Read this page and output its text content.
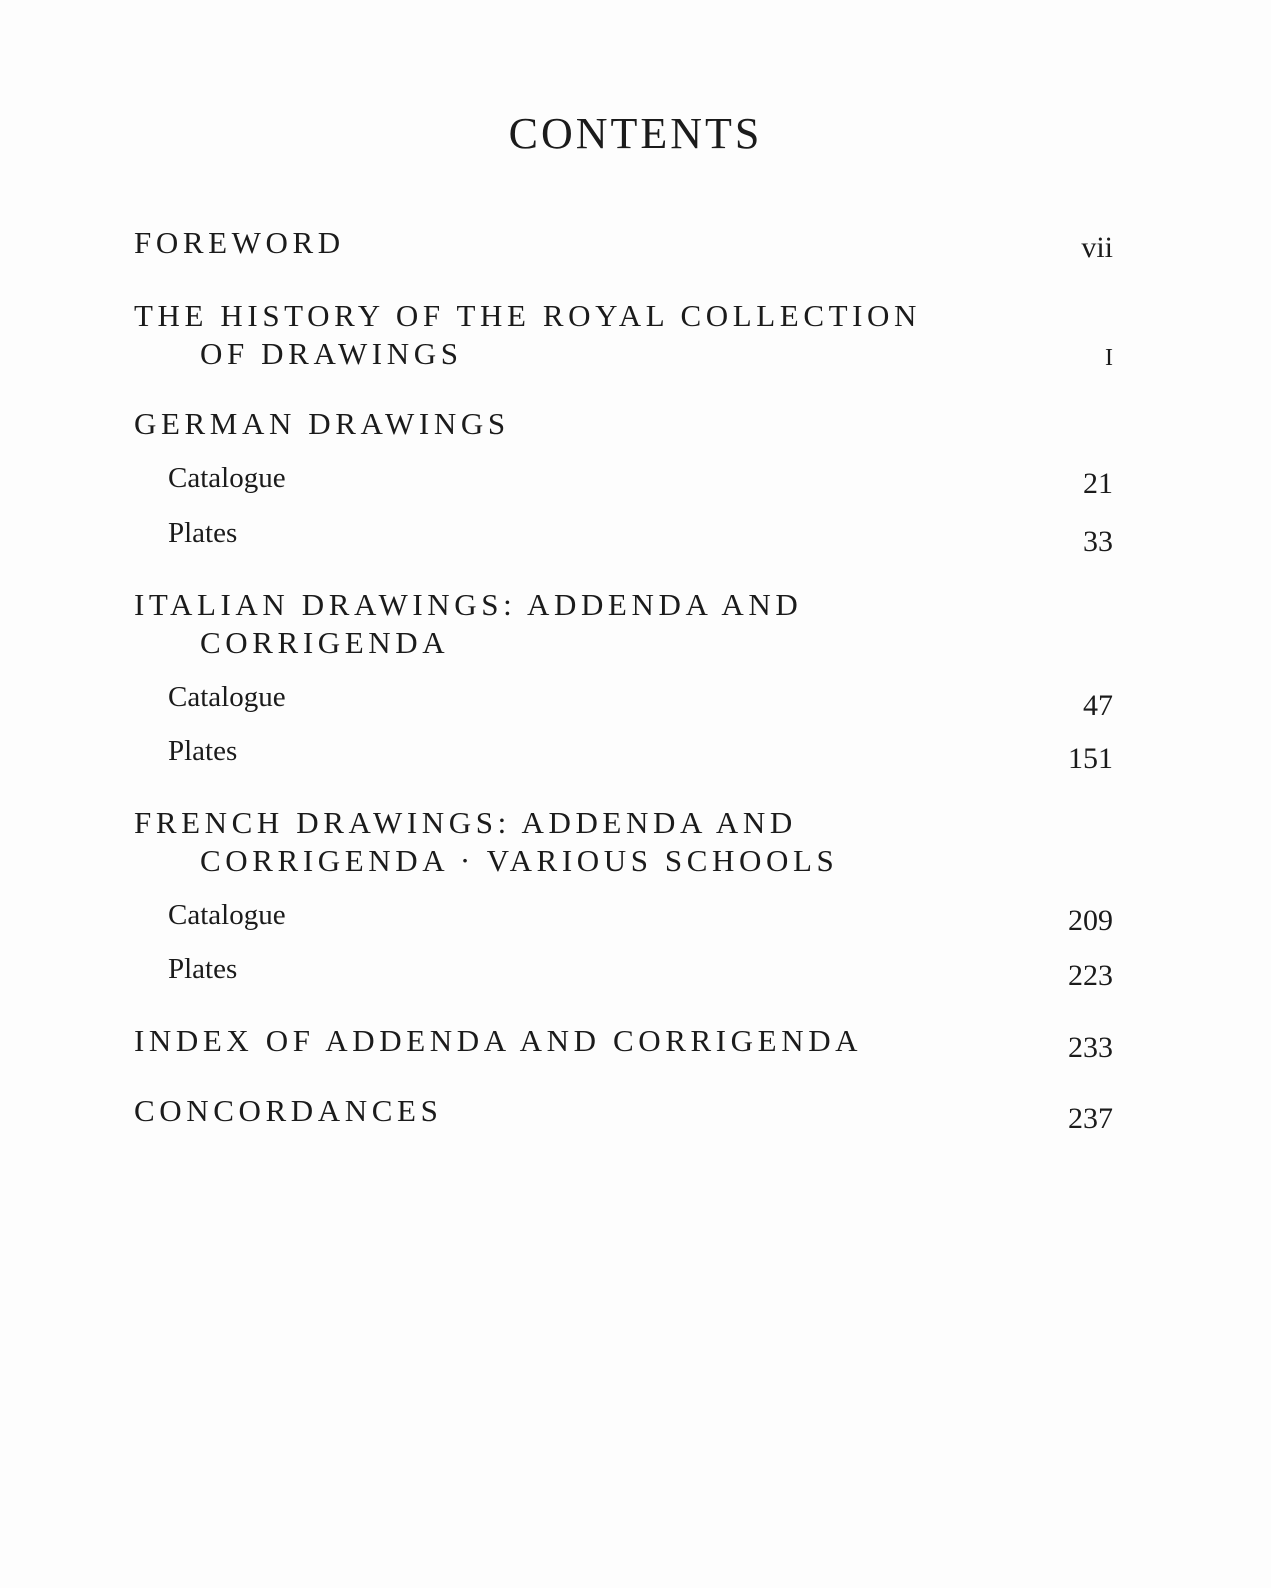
CONTENTS
FOREWORD	vii
THE HISTORY OF THE ROYAL COLLECTION
OF DRAWINGS	I
GERMAN DRAWINGS
Catalogue	21
Plates	33
ITALIAN DRAWINGS: ADDENDA AND
CORRIGENDA
Catalogue	47
Plates	151
FRENCH DRAWINGS: ADDENDA AND
CORRIGENDA · VARIOUS SCHOOLS
Catalogue	209
Plates	223
INDEX OF ADDENDA AND CORRIGENDA	233
CONCORDANCES	237
